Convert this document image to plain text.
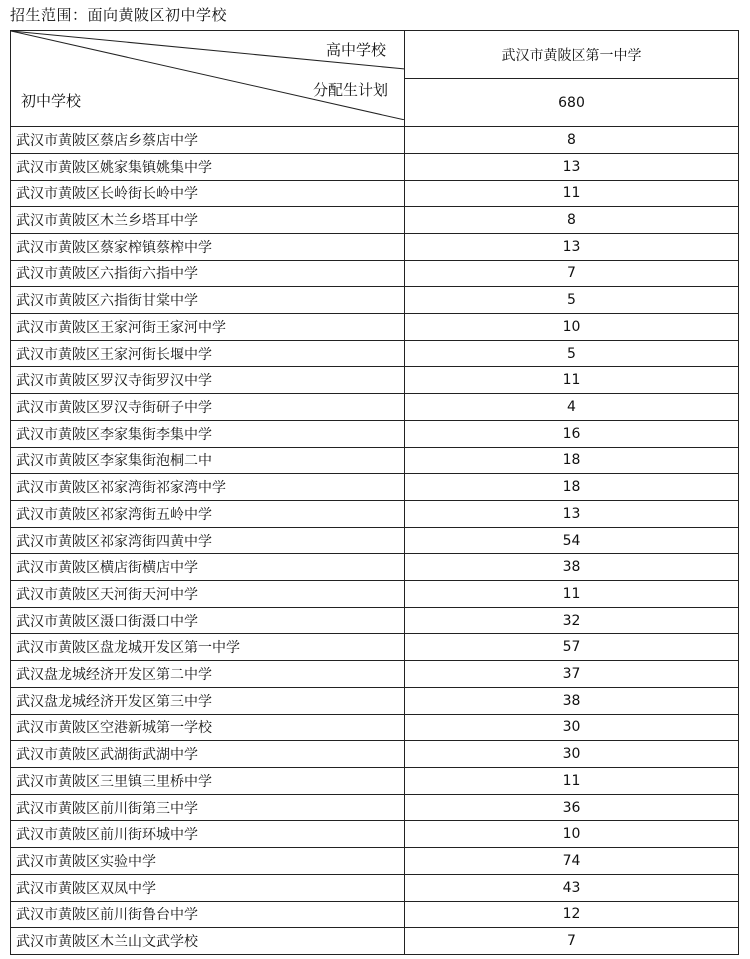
招生范围：面向黄陂区初中学校
高中学校
分配生计划
初中学校	武汉市黄陂区第一中学
	680
武汉市黄陂区蔡店乡蔡店中学	8
武汉市黄陂区姚家集镇姚集中学	13
武汉市黄陂区长岭街长岭中学	11
武汉市黄陂区木兰乡塔耳中学	8
武汉市黄陂区蔡家榨镇蔡榨中学	13
武汉市黄陂区六指街六指中学	7
武汉市黄陂区六指街甘棠中学	5
武汉市黄陂区王家河街王家河中学	10
武汉市黄陂区王家河街长堰中学	5
武汉市黄陂区罗汉寺街罗汉中学	11
武汉市黄陂区罗汉寺街研子中学	4
武汉市黄陂区李家集街李集中学	16
武汉市黄陂区李家集街泡桐二中	18
武汉市黄陂区祁家湾街祁家湾中学	18
武汉市黄陂区祁家湾街五岭中学	13
武汉市黄陂区祁家湾街四黄中学	54
武汉市黄陂区横店街横店中学	38
武汉市黄陂区天河街天河中学	11
武汉市黄陂区滠口街滠口中学	32
武汉市黄陂区盘龙城开发区第一中学	57
武汉盘龙城经济开发区第二中学	37
武汉盘龙城经济开发区第三中学	38
武汉市黄陂区空港新城第一学校	30
武汉市黄陂区武湖街武湖中学	30
武汉市黄陂区三里镇三里桥中学	11
武汉市黄陂区前川街第三中学	36
武汉市黄陂区前川街环城中学	10
武汉市黄陂区实验中学	74
武汉市黄陂区双凤中学	43
武汉市黄陂区前川街鲁台中学	12
武汉市黄陂区木兰山文武学校	7
